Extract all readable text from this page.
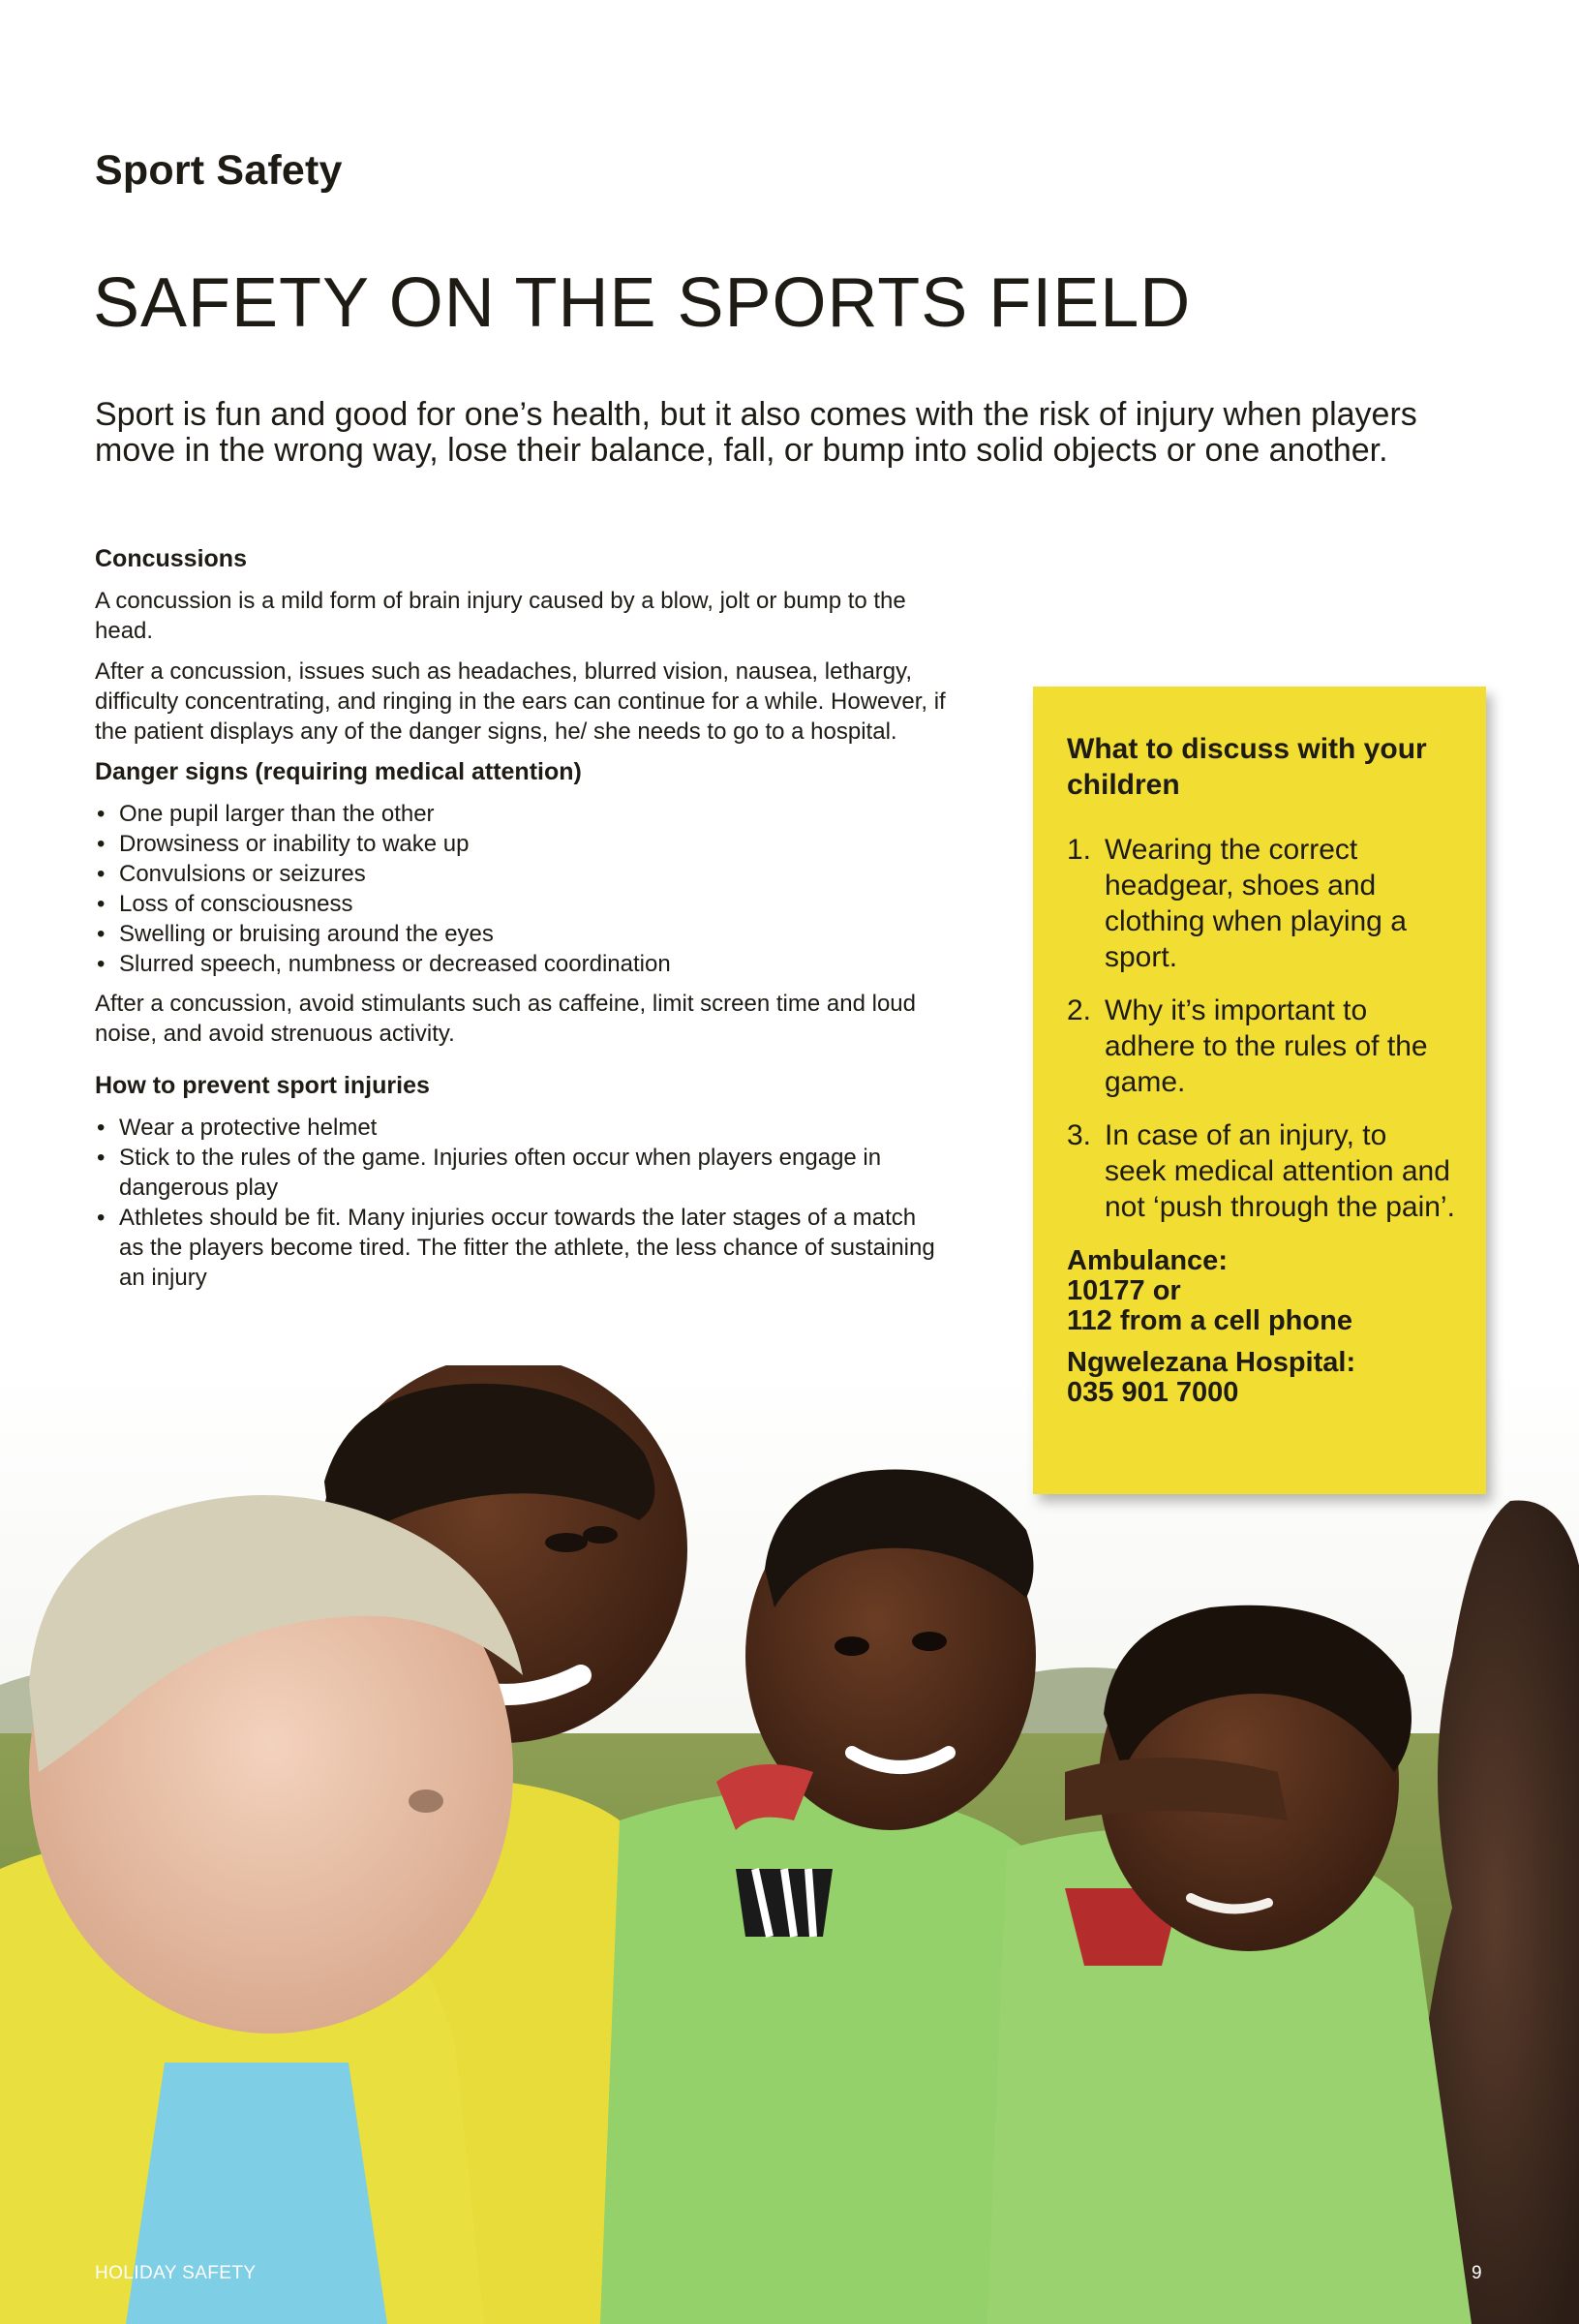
Sport Safety
SAFETY ON THE SPORTS FIELD

Sport is fun and good for one’s health, but it also comes with the risk of injury when players move in the wrong way, lose their balance, fall, or bump into solid objects or one another.

Concussions

A concussion is a mild form of brain injury caused by a blow, jolt or bump to the head.

After a concussion, issues such as headaches, blurred vision, nausea, lethargy, difficulty concentrating, and ringing in the ears can continue for a while. However, if the patient displays any of the danger signs, he/ she needs to go to a hospital.

Danger signs (requiring medical attention)
• One pupil larger than the other
• Drowsiness or inability to wake up
• Convulsions or seizures
• Loss of consciousness
• Swelling or bruising around the eyes
• Slurred speech, numbness or decreased coordination

After a concussion, avoid stimulants such as caffeine, limit screen time and loud noise, and avoid strenuous activity.

How to prevent sport injuries
• Wear a protective helmet
• Stick to the rules of the game. Injuries often occur when players engage in dangerous play
• Athletes should be fit. Many injuries occur towards the later stages of a match as the players become tired. The fitter the athlete, the less chance of sustaining an injury

What to discuss with your children

1. Wearing the correct headgear, shoes and clothing when playing a sport.
2. Why it’s important to adhere to the rules of the game.
3. In case of an injury, to seek medical attention and not ‘push through the pain’.
Ambulance:
10177 or
112 from a cell phone
Ngwelezana Hospital:
035 901 7000

HOLIDAY SAFETY	9
